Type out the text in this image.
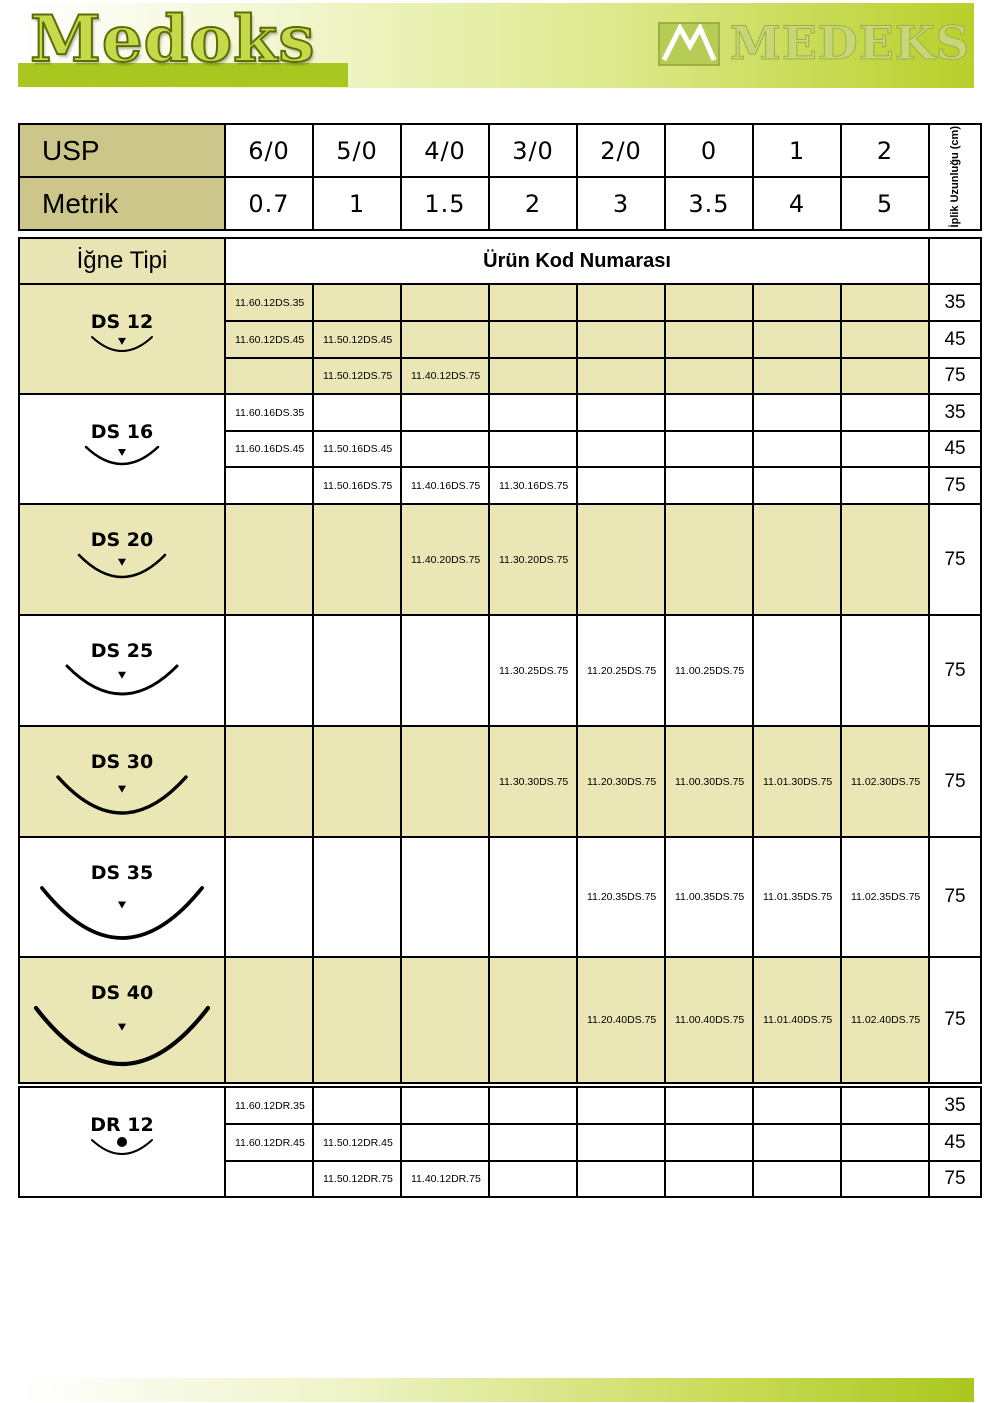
Medoks	MEDEKS
USP	6/0	5/0	4/0	3/0	2/0	0	1	2	İplik Uzunluğu (cm)

Metrik	0.7	1	1.5	2	3	3.5	4	5	
İğne Tipi	Ürün Kod Numarası								

DS 12	11.60.12DS.35								35
	11.60.12DS.45	11.50.12DS.45							45
		11.50.12DS.75	11.40.12DS.75						75

DS 16	11.60.16DS.35								35
	11.60.16DS.45	11.50.16DS.45							45
		11.50.16DS.75	11.40.16DS.75	11.30.16DS.75					75

DS 20			11.40.20DS.75	11.30.20DS.75					75

DS 25				11.30.25DS.75	11.20.25DS.75	11.00.25DS.75			75

DS 30				11.30.30DS.75	11.20.30DS.75	11.00.30DS.75	11.01.30DS.75	11.02.30DS.75	75

DS 35					11.20.35DS.75	11.00.35DS.75	11.01.35DS.75	11.02.35DS.75	75

DS 40					11.20.40DS.75	11.00.40DS.75	11.01.40DS.75	11.02.40DS.75	75
DR 12	11.60.12DR.35								35
	11.60.12DR.45	11.50.12DR.45							45
		11.50.12DR.75	11.40.12DR.75						75
